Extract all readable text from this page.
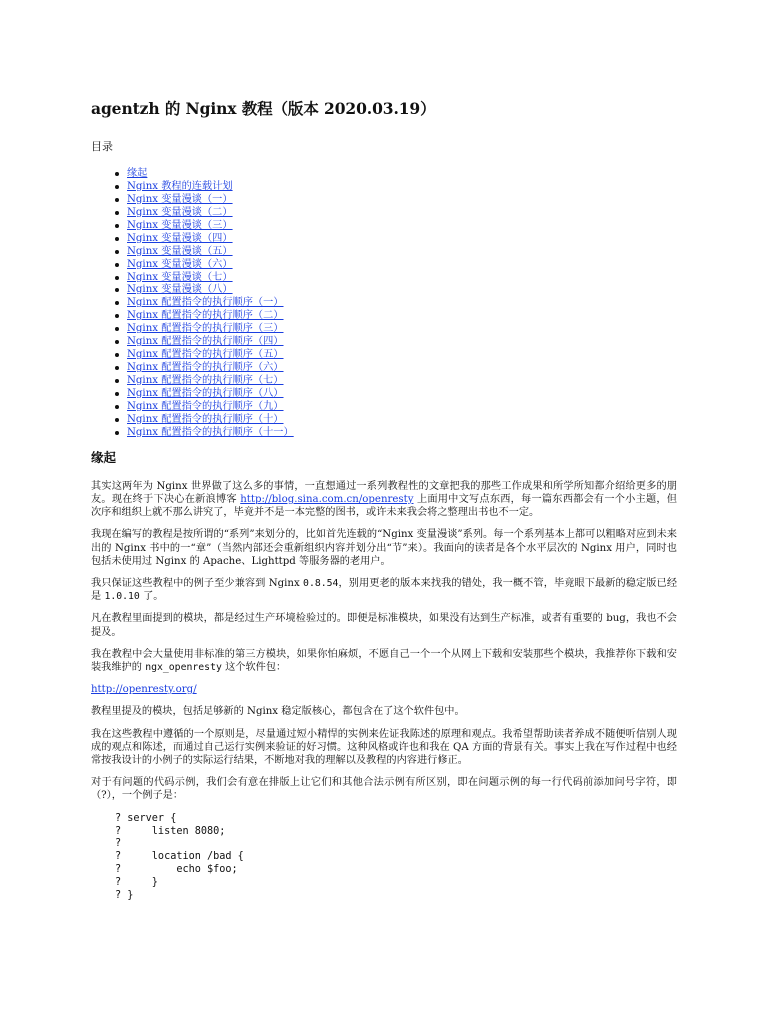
agentzh 的 Nginx 教程（版本 2020.03.19）
目录
缘起
Nginx 教程的连载计划
Nginx 变量漫谈（一）
Nginx 变量漫谈（二）
Nginx 变量漫谈（三）
Nginx 变量漫谈（四）
Nginx 变量漫谈（五）
Nginx 变量漫谈（六）
Nginx 变量漫谈（七）
Nginx 变量漫谈（八）
Nginx 配置指令的执行顺序（一）
Nginx 配置指令的执行顺序（二）
Nginx 配置指令的执行顺序（三）
Nginx 配置指令的执行顺序（四）
Nginx 配置指令的执行顺序（五）
Nginx 配置指令的执行顺序（六）
Nginx 配置指令的执行顺序（七）
Nginx 配置指令的执行顺序（八）
Nginx 配置指令的执行顺序（九）
Nginx 配置指令的执行顺序（十）
Nginx 配置指令的执行顺序（十一）
缘起

其实这两年为 Nginx 世界做了这么多的事情，一直想通过一系列教程性的文章把我的那些工作成果和所学所知都介绍给更多的朋友。现在终于下决心在新浪博客 http://blog.sina.com.cn/openresty 上面用中文写点东西，每一篇东西都会有一个小主题，但次序和组织上就不那么讲究了，毕竟并不是一本完整的图书，或许未来我会将之整理出书也不一定。

我现在编写的教程是按所谓的“系列”来划分的，比如首先连载的“Nginx 变量漫谈”系列。每一个系列基本上都可以粗略对应到未来出的 Nginx 书中的一“章”（当然内部还会重新组织内容并划分出“节”来）。我面向的读者是各个水平层次的 Nginx 用户，同时也包括未使用过 Nginx 的 Apache、Lighttpd 等服务器的老用户。

我只保证这些教程中的例子至少兼容到 Nginx 0.8.54，别用更老的版本来找我的错处，我一概不管，毕竟眼下最新的稳定版已经是 1.0.10 了。

凡在教程里面提到的模块，都是经过生产环境检验过的。即便是标准模块，如果没有达到生产标准，或者有重要的 bug，我也不会提及。

我在教程中会大量使用非标准的第三方模块，如果你怕麻烦，不愿自己一个一个从网上下载和安装那些个模块，我推荐你下载和安装我维护的 ngx_openresty 这个软件包：

http://openresty.org/

教程里提及的模块，包括足够新的 Nginx 稳定版核心，都包含在了这个软件包中。

我在这些教程中遵循的一个原则是，尽量通过短小精悍的实例来佐证我陈述的原理和观点。我希望帮助读者养成不随便听信别人现成的观点和陈述，而通过自己运行实例来验证的好习惯。这种风格或许也和我在 QA 方面的背景有关。事实上我在写作过程中也经常按我设计的小例子的实际运行结果，不断地对我的理解以及教程的内容进行修正。

对于有问题的代码示例，我们会有意在排版上让它们和其他合法示例有所区别，即在问题示例的每一行代码前添加问号字符，即（?），一个例子是：

? server {
?     listen 8080;
?
?     location /bad {
?         echo $foo;
?     }
? }
